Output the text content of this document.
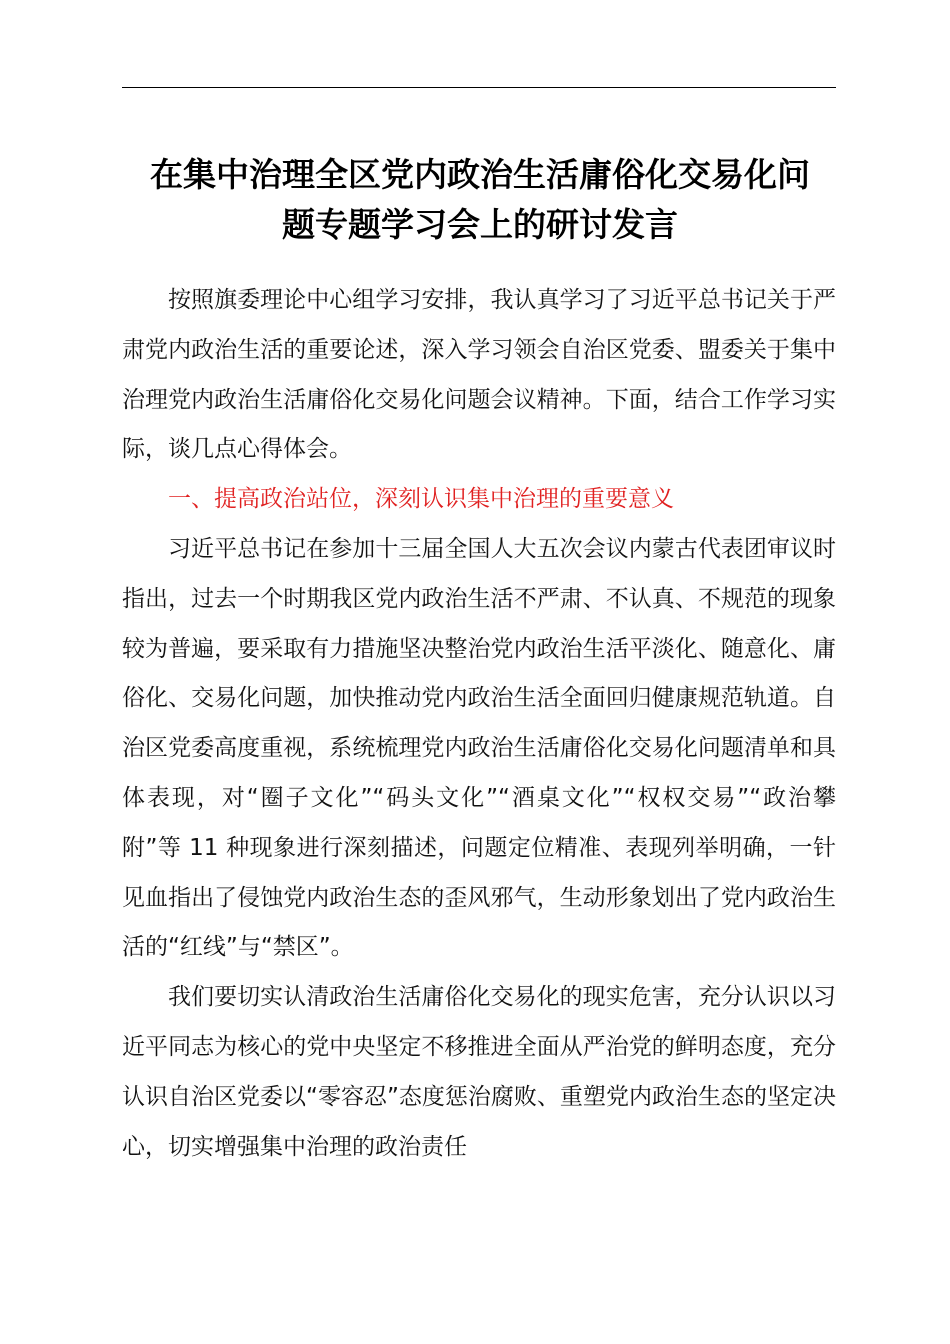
在集中治理全区党内政治生活庸俗化交易化问
题专题学习会上的研讨发言

按照旗委理论中心组学习安排，我认真学习了习近平总书记关于严肃党内政治生活的重要论述，深入学习领会自治区党委、盟委关于集中治理党内政治生活庸俗化交易化问题会议精神。下面，结合工作学习实际，谈几点心得体会。

一、提高政治站位，深刻认识集中治理的重要意义

习近平总书记在参加十三届全国人大五次会议内蒙古代表团审议时指出，过去一个时期我区党内政治生活不严肃、不认真、不规范的现象较为普遍，要采取有力措施坚决整治党内政治生活平淡化、随意化、庸俗化、交易化问题，加快推动党内政治生活全面回归健康规范轨道。自治区党委高度重视，系统梳理党内政治生活庸俗化交易化问题清单和具体表现，对“圈子文化”“码头文化”“酒桌文化”“权权交易”“政治攀附”等 11 种现象进行深刻描述，问题定位精准、表现列举明确，一针见血指出了侵蚀党内政治生态的歪风邪气，生动形象划出了党内政治生活的“红线”与“禁区”。

我们要切实认清政治生活庸俗化交易化的现实危害，充分认识以习近平同志为核心的党中央坚定不移推进全面从严治党的鲜明态度，充分认识自治区党委以“零容忍”态度惩治腐败、重塑党内政治生态的坚定决心，切实增强集中治理的政治责任
